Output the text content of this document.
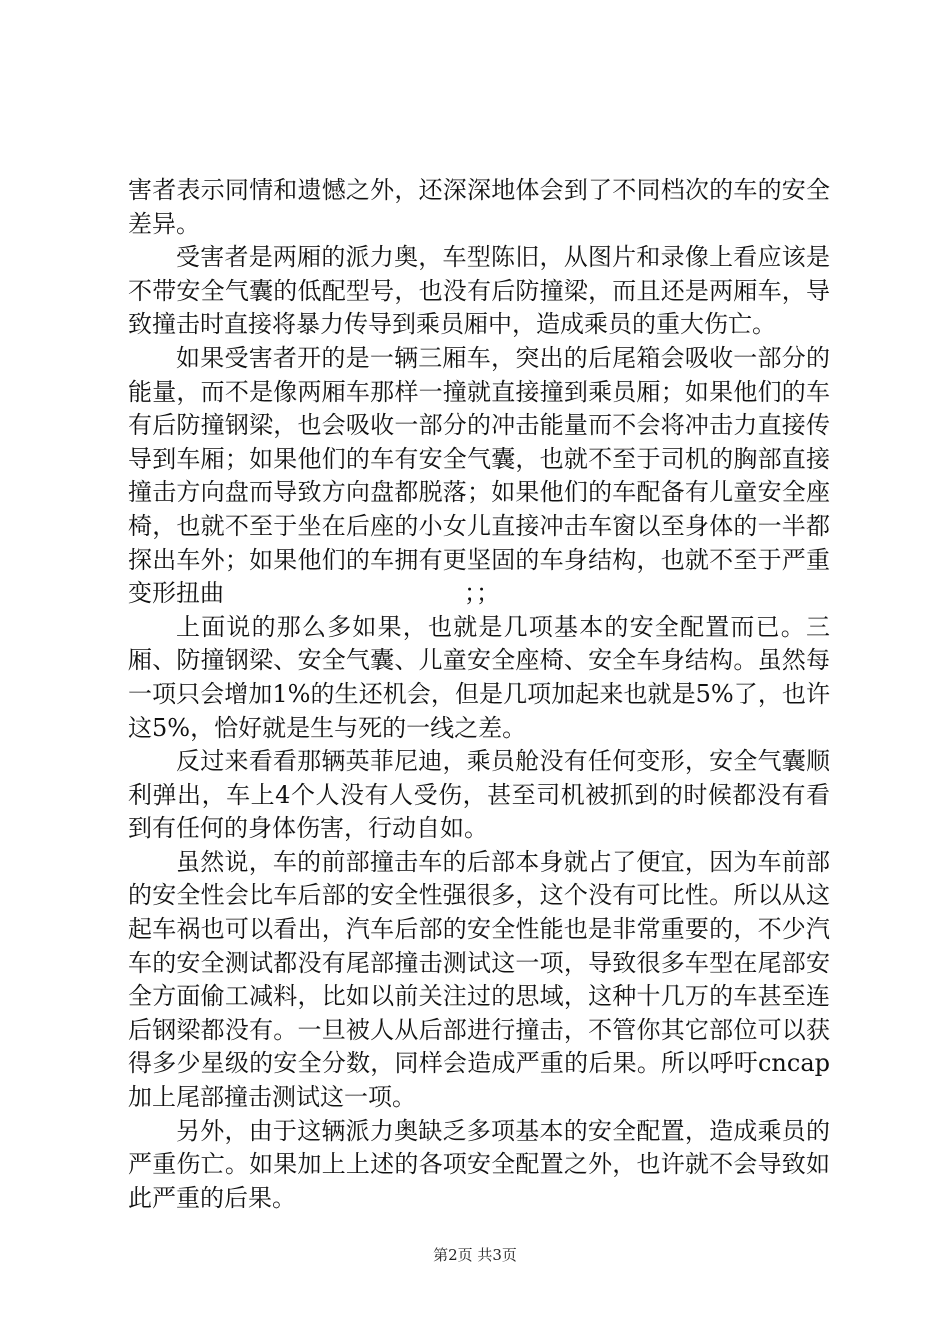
害者表示同情和遗憾之外，还深深地体会到了不同档次的车的安全差异。

受害者是两厢的派力奥，车型陈旧，从图片和录像上看应该是不带安全气囊的低配型号，也没有后防撞梁，而且还是两厢车，导致撞击时直接将暴力传导到乘员厢中，造成乘员的重大伤亡。

如果受害者开的是一辆三厢车，突出的后尾箱会吸收一部分的能量，而不是像两厢车那样一撞就直接撞到乘员厢；如果他们的车有后防撞钢梁，也会吸收一部分的冲击能量而不会将冲击力直接传导到车厢；如果他们的车有安全气囊，也就不至于司机的胸部直接撞击方向盘而导致方向盘都脱落；如果他们的车配备有儿童安全座椅，也就不至于坐在后座的小女儿直接冲击车窗以至身体的一半都探出车外；如果他们的车拥有更坚固的车身结构，也就不至于严重变形扭曲　　　　　　　　　　；；

上面说的那么多如果，也就是几项基本的安全配置而已。三厢、防撞钢梁、安全气囊、儿童安全座椅、安全车身结构。虽然每一项只会增加1%的生还机会，但是几项加起来也就是5%了，也许这5%，恰好就是生与死的一线之差。

反过来看看那辆英菲尼迪，乘员舱没有任何变形，安全气囊顺利弹出，车上4个人没有人受伤，甚至司机被抓到的时候都没有看到有任何的身体伤害，行动自如。

虽然说，车的前部撞击车的后部本身就占了便宜，因为车前部的安全性会比车后部的安全性强很多，这个没有可比性。所以从这起车祸也可以看出，汽车后部的安全性能也是非常重要的，不少汽车的安全测试都没有尾部撞击测试这一项，导致很多车型在尾部安全方面偷工减料，比如以前关注过的思域，这种十几万的车甚至连后钢梁都没有。一旦被人从后部进行撞击，不管你其它部位可以获得多少星级的安全分数，同样会造成严重的后果。所以呼吁cncap加上尾部撞击测试这一项。

另外，由于这辆派力奥缺乏多项基本的安全配置，造成乘员的严重伤亡。如果加上上述的各项安全配置之外，也许就不会导致如此严重的后果。

第2页 共3页
